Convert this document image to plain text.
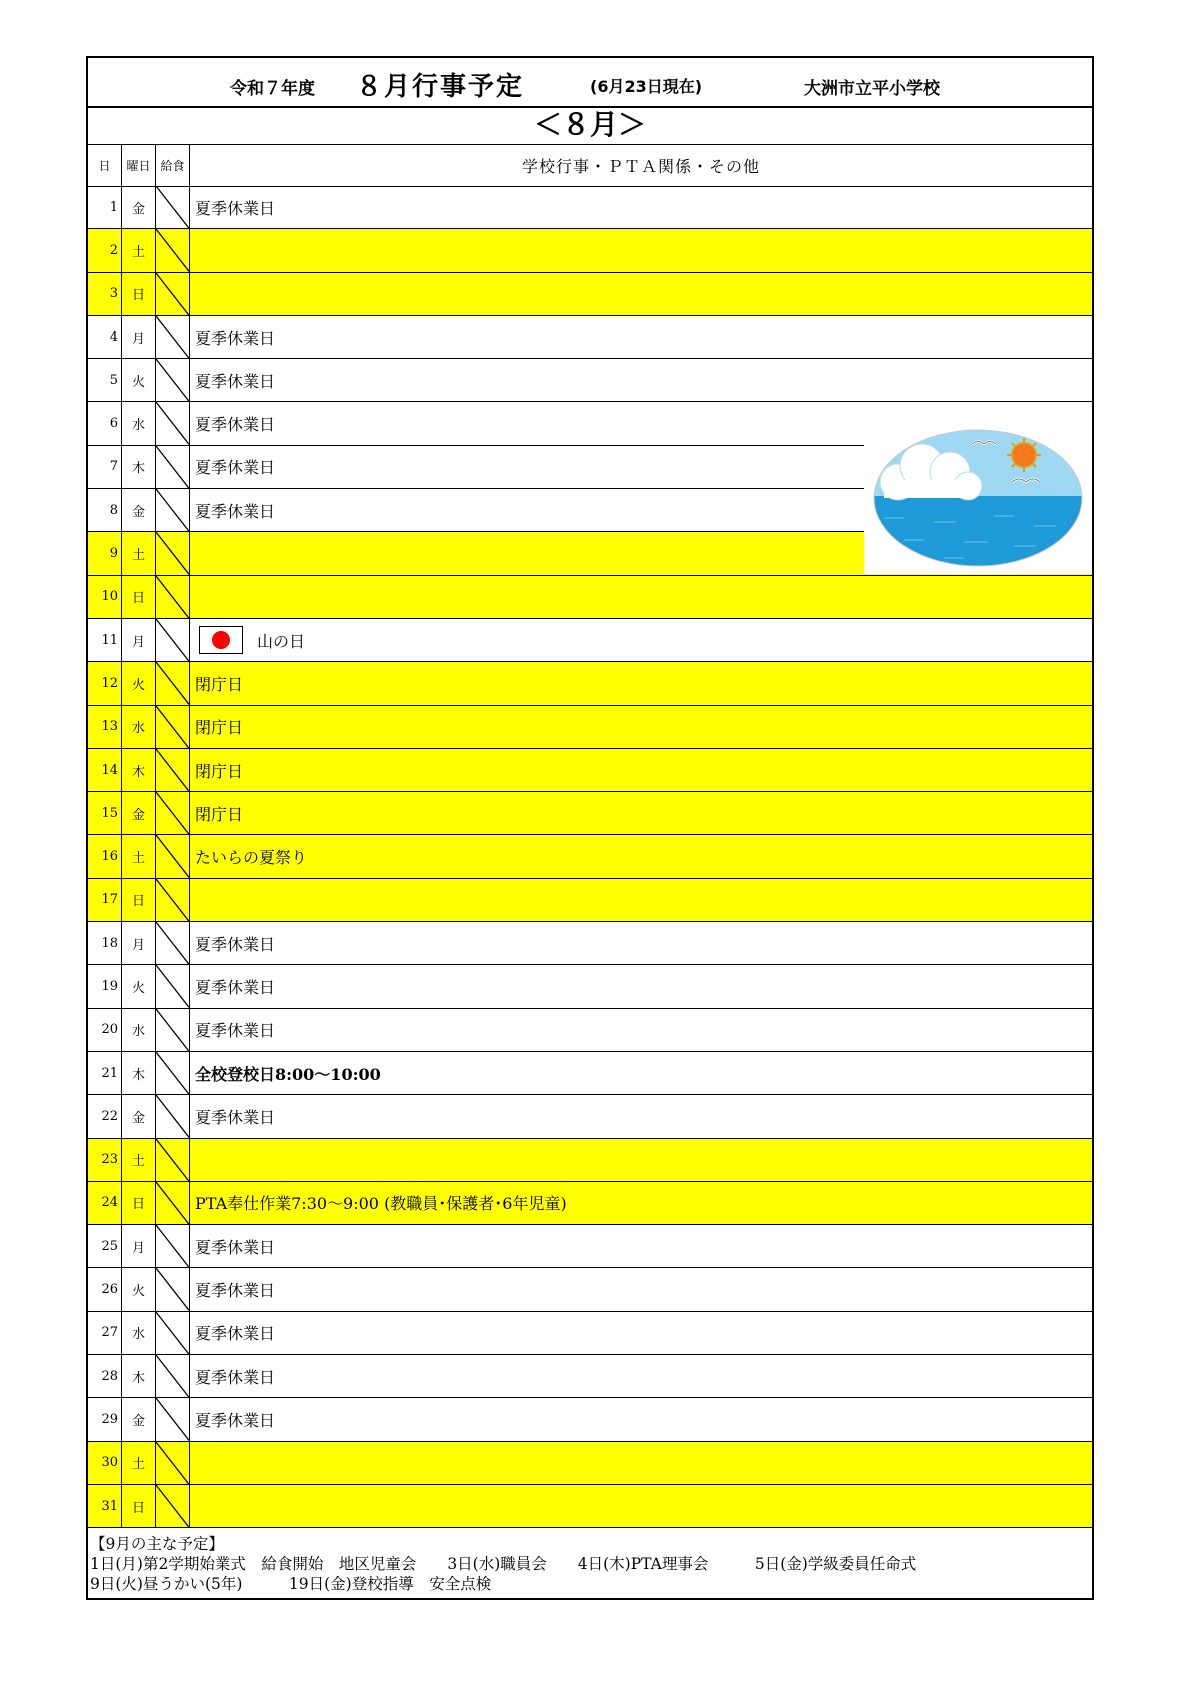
令和７年度 ８月行事予定	(6月23日現在)	大洲市立平小学校
＜８月＞
日	曜日 給食	学校行事・ＰＴＡ関係・その他
1	金	夏季休業日
2	土
3	日
4	月	夏季休業日
5	火	夏季休業日
6	水	夏季休業日
7	木	夏季休業日
8	金	夏季休業日
9	土
10	日
11	月	山の日
12	火	閉庁日
13	水	閉庁日
14	木	閉庁日
15	金	閉庁日
16	土	たいらの夏祭り
17	日
18	月	夏季休業日
19	火	夏季休業日
20	水	夏季休業日
21	木	全校登校日8:00～10:00
22	金	夏季休業日
23	土
24	日	PTA奉仕作業7:30～9:00 (教職員･保護者･6年児童)
25	月	夏季休業日
26	火	夏季休業日
27	水	夏季休業日
28	木	夏季休業日
29	金	夏季休業日
30	土
31	日
【9月の主な予定】
1日(月)第2学期始業式　給食開始　地区児童会　　3日(水)職員会　　4日(木)PTA理事会　　　5日(金)学級委員任命式
9日(火)昼うかい(5年)　　　19日(金)登校指導　安全点検
